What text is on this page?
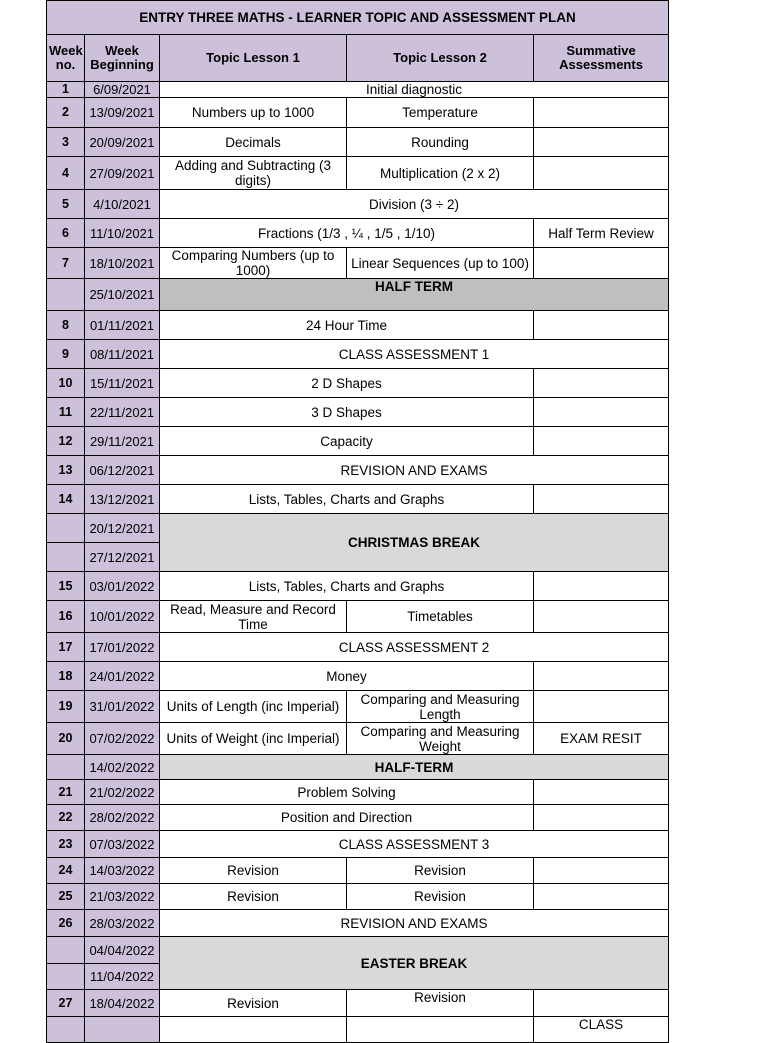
ENTRY THREE MATHS - LEARNER TOPIC AND ASSESSMENT PLAN				
Week no.	Week Beginning	Topic Lesson 1	Topic Lesson 2	Summative Assessments
1	6/09/2021	Initial diagnostic		
2	13/09/2021	Numbers up to 1000	Temperature	
3	20/09/2021	Decimals	Rounding	
4	27/09/2021	Adding and Subtracting (3 digits)	Multiplication (2 x 2)	
5	4/10/2021	Division (3 ÷ 2)		
6	11/10/2021	Fractions (1/3 , ¼ , 1/5 , 1/10)		Half Term Review
7	18/10/2021	Comparing Numbers (up to 1000)	Linear Sequences (up to 100)	
	25/10/2021	HALF TERM		
8	01/11/2021	24 Hour Time		
9	08/11/2021	CLASS ASSESSMENT 1		
10	15/11/2021	2 D Shapes		
11	22/11/2021	3 D Shapes		
12	29/11/2021	Capacity		
13	06/12/2021	REVISION AND EXAMS		
14	13/12/2021	Lists, Tables, Charts and Graphs		
	20/12/2021	CHRISTMAS BREAK		
	27/12/2021			
15	03/01/2022	Lists, Tables, Charts and Graphs		
16	10/01/2022	Read, Measure and Record Time	Timetables	
17	17/01/2022	CLASS ASSESSMENT 2		
18	24/01/2022	Money		
19	31/01/2022	Units of Length (inc Imperial)	Comparing and Measuring Length	
20	07/02/2022	Units of Weight (inc Imperial)	Comparing and Measuring Weight	EXAM RESIT
	14/02/2022	HALF-TERM		
21	21/02/2022	Problem Solving		
22	28/02/2022	Position and Direction		
23	07/03/2022	CLASS ASSESSMENT 3		
24	14/03/2022	Revision	Revision	
25	21/03/2022	Revision	Revision	
26	28/03/2022	REVISION AND EXAMS		
	04/04/2022	EASTER BREAK		
	11/04/2022			
27	18/04/2022	Revision	Revision	
				CLASS
